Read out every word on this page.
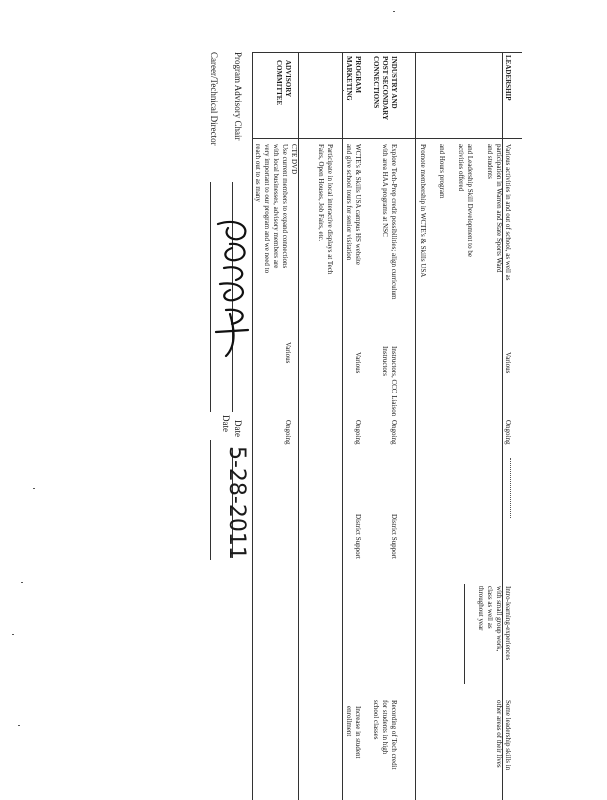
LEADERSHIP
Various activities in and out of school, as well as
participation in Warren and State Sports Ward
and students
and Leadership Skill Development to be
activities offered
and Hours program
Promote membership in WCTE's & Skills USA
Various
Ongoing
Intro-learning-experiences
with small group work,
class as well as
throughout year
Some leadership skills in
other areas of their lives
INDUSTRY AND
POST SECONDARY
CONNECTIONS
Explore Tech-Prep credit possibilities; align curriculum
with area HAA programs at NSC
Instructors, CCC Liaison
Instructors
Ongoing
District Support
Recording of Tech credit
for students in high
school classes
PROGRAM
MARKETING
WCTE's & Skills USA campus HS website
and give school tours for senior visitation
Participate in local interactive displays at Tech
Fairs, Open Houses, Job Fairs, etc.
Various
Ongoing
District Support
Increase in student
enrollment
ADVISORY
COMMITTEE
CTE DVD
Use current members to expand connections
with local businesses, advisory members are
very important to our program and we need to
reach out to as many
Various
Ongoing
Program Advisory Chair
Career/Technical Director
Date
Date
5-28-2011
